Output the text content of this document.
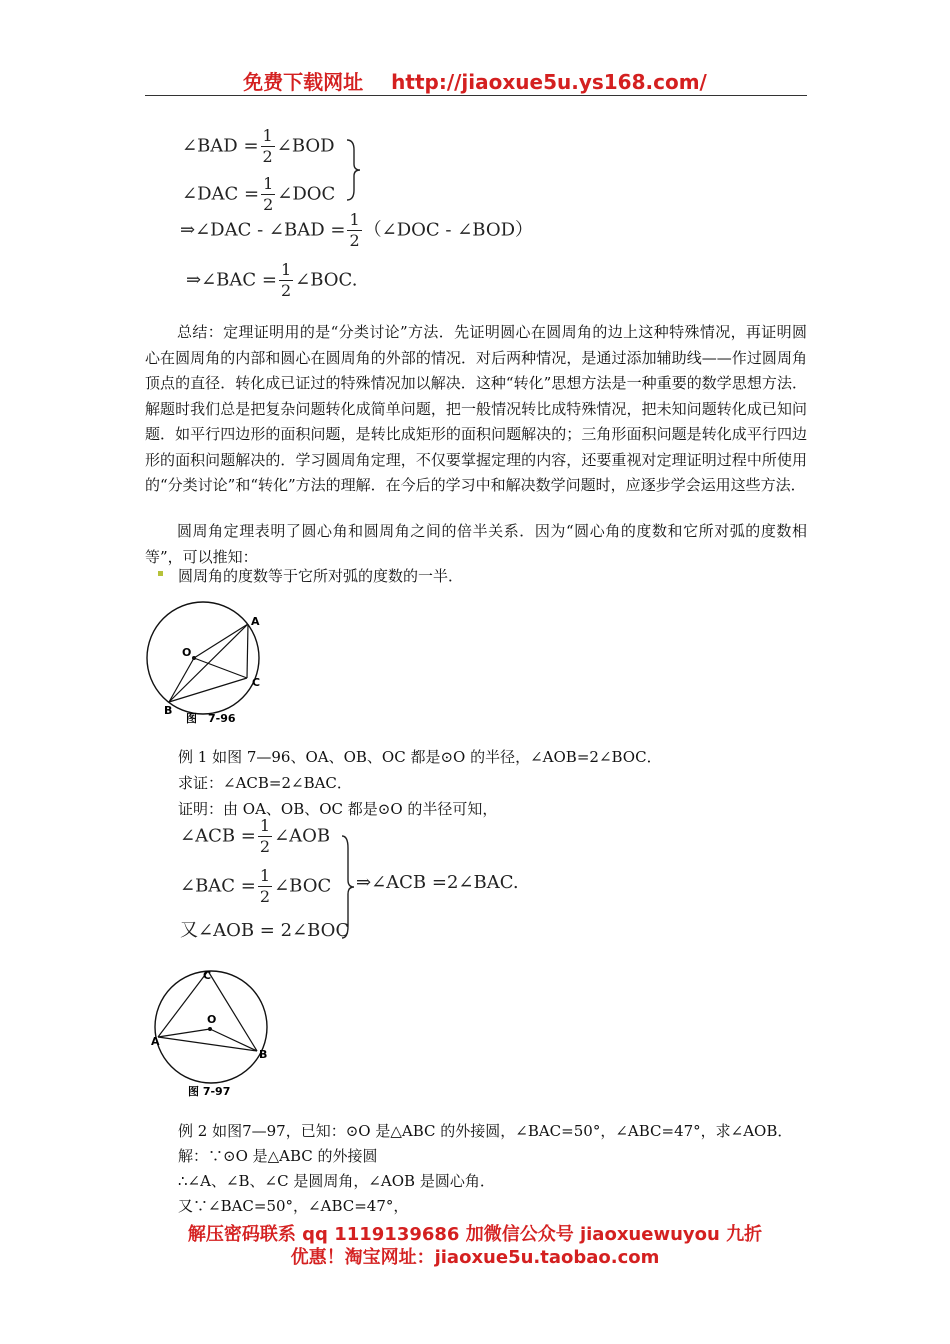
免费下载网址 http://jiaoxue5u.ys168.com/
∠BAD = $\frac{1}{2}$ ∠BOD
∠DAC = $\frac{1}{2}$ ∠DOC
⇒∠DAC - ∠BAD = $\frac{1}{2}$ （∠DOC - ∠BOD）
⇒∠BAC = $\frac{1}{2}$ ∠BOC.
总结：定理证明用的是“分类讨论”方法．先证明圆心在圆周角的边上这种特殊情况，再证明圆心在圆周角的内部和圆心在圆周角的外部的情况．对后两种情况，是通过添加辅助线——作过圆周角顶点的直径．转化成已证过的特殊情况加以解决．这种“转化”思想方法是一种重要的数学思想方法．解题时我们总是把复杂问题转化成简单问题，把一般情况转比成特殊情况，把未知问题转化成已知问题．如平行四边形的面积问题，是转比成矩形的面积问题解决的；三角形面积问题是转化成平行四边形的面积问题解决的．学习圆周角定理，不仅要掌握定理的内容，还要重视对定理证明过程中所使用的“分类讨论”和“转化”方法的理解．在今后的学习中和解决数学问题时，应逐步学会运用这些方法．
圆周角定理表明了圆心角和圆周角之间的倍半关系．因为“圆心角的度数和它所对弧的度数相等”，可以推知：
圆周角的度数等于它所对弧的度数的一半．
A
O
C
B
图　7-96
例 1 如图 7—96、OA、OB、OC 都是⊙O 的半径，∠AOB=2∠BOC．
求证：∠ACB=2∠BAC．
证明：由 OA、OB、OC 都是⊙O 的半径可知，
∠ACB = $\frac{1}{2}$ ∠AOB
∠BAC = $\frac{1}{2}$ ∠BOC
又∠AOB = 2∠BOC
⇒∠ACB =2∠BAC.
C
O
A
B
图 7-97
例 2 如图7—97，已知：⊙O 是△ABC 的外接圆，∠BAC=50°，∠ABC=47°，求∠AOB．
解：∵⊙O 是△ABC 的外接圆
∴∠A、∠B、∠C 是圆周角，∠AOB 是圆心角．
又∵∠BAC=50°，∠ABC=47°，
解压密码联系 qq 1119139686 加微信公众号 jiaoxuewuyou 九折
优惠！淘宝网址：jiaoxue5u.taobao.com
